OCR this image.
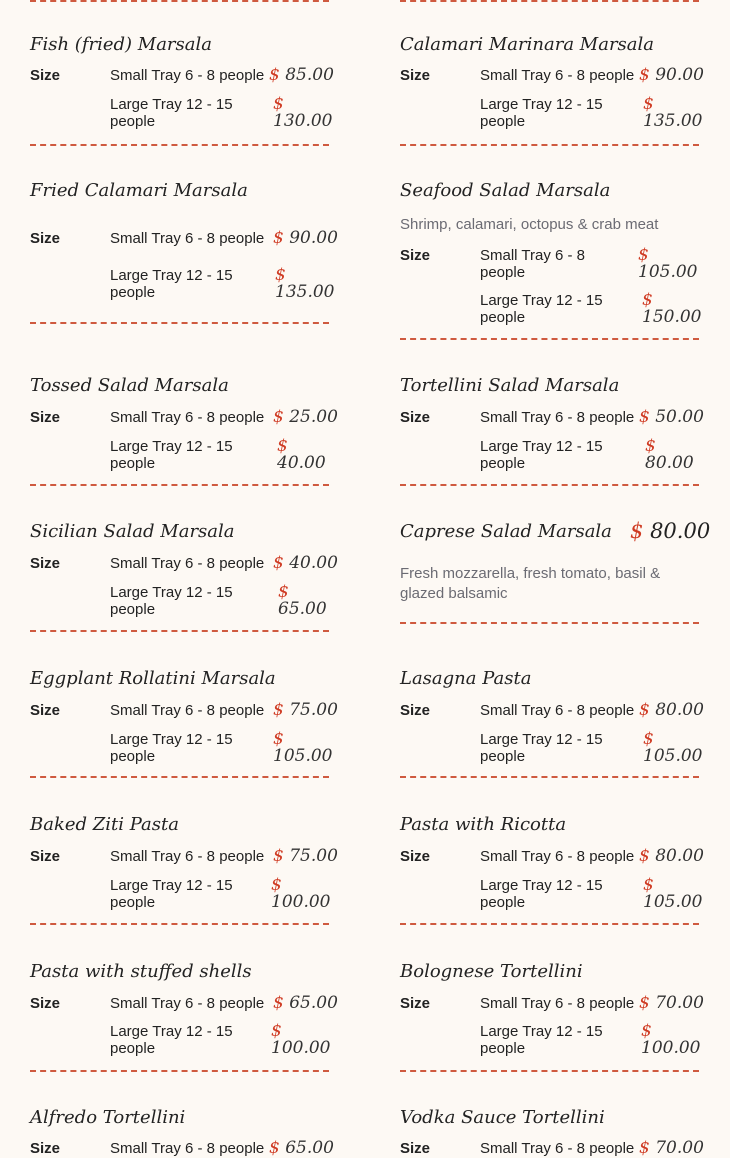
Fish (fried) Marsala
Size	Small Tray 6 - 8 people $ 85.00
Large Tray 12 - 15 people
$ 130.00
Calamari Marinara Marsala
Size	Small Tray 6 - 8 people $ 90.00
Large Tray 12 - 15 people
$ 135.00
Fried Calamari Marsala
Size	Small Tray 6 - 8 people $ 90.00
Large Tray 12 - 15 people
$ 135.00
Seafood Salad Marsala
Shrimp, calamari, octopus & crab meat
Size	Small Tray 6 - 8 people
$ 105.00
Large Tray 12 - 15 people
$ 150.00
Tossed Salad Marsala
Size	Small Tray 6 - 8 people $ 25.00
Large Tray 12 - 15 people
$ 40.00
Tortellini Salad Marsala
Size	Small Tray 6 - 8 people $ 50.00
Large Tray 12 - 15 people
$ 80.00
Sicilian Salad Marsala
Size	Small Tray 6 - 8 people $ 40.00
Large Tray 12 - 15 people
$ 65.00
Caprese Salad Marsala $ 80.00
Fresh mozzarella, fresh tomato, basil & glazed balsamic
Eggplant Rollatini Marsala
Size	Small Tray 6 - 8 people $ 75.00
Large Tray 12 - 15 people
$ 105.00
Lasagna Pasta
Size	Small Tray 6 - 8 people $ 80.00
Large Tray 12 - 15 people
$ 105.00
Baked Ziti Pasta
Size	Small Tray 6 - 8 people $ 75.00
Large Tray 12 - 15 people
$ 100.00
Pasta with Ricotta
Size	Small Tray 6 - 8 people $ 80.00
Large Tray 12 - 15 people
$ 105.00
Pasta with stuffed shells
Size	Small Tray 6 - 8 people $ 65.00
Large Tray 12 - 15 people
$ 100.00
Bolognese Tortellini
Size	Small Tray 6 - 8 people $ 70.00
Large Tray 12 - 15 people
$ 100.00
Alfredo Tortellini
Size	Small Tray 6 - 8 people $ 65.00
Vodka Sauce Tortellini
Size	Small Tray 6 - 8 people $ 70.00
